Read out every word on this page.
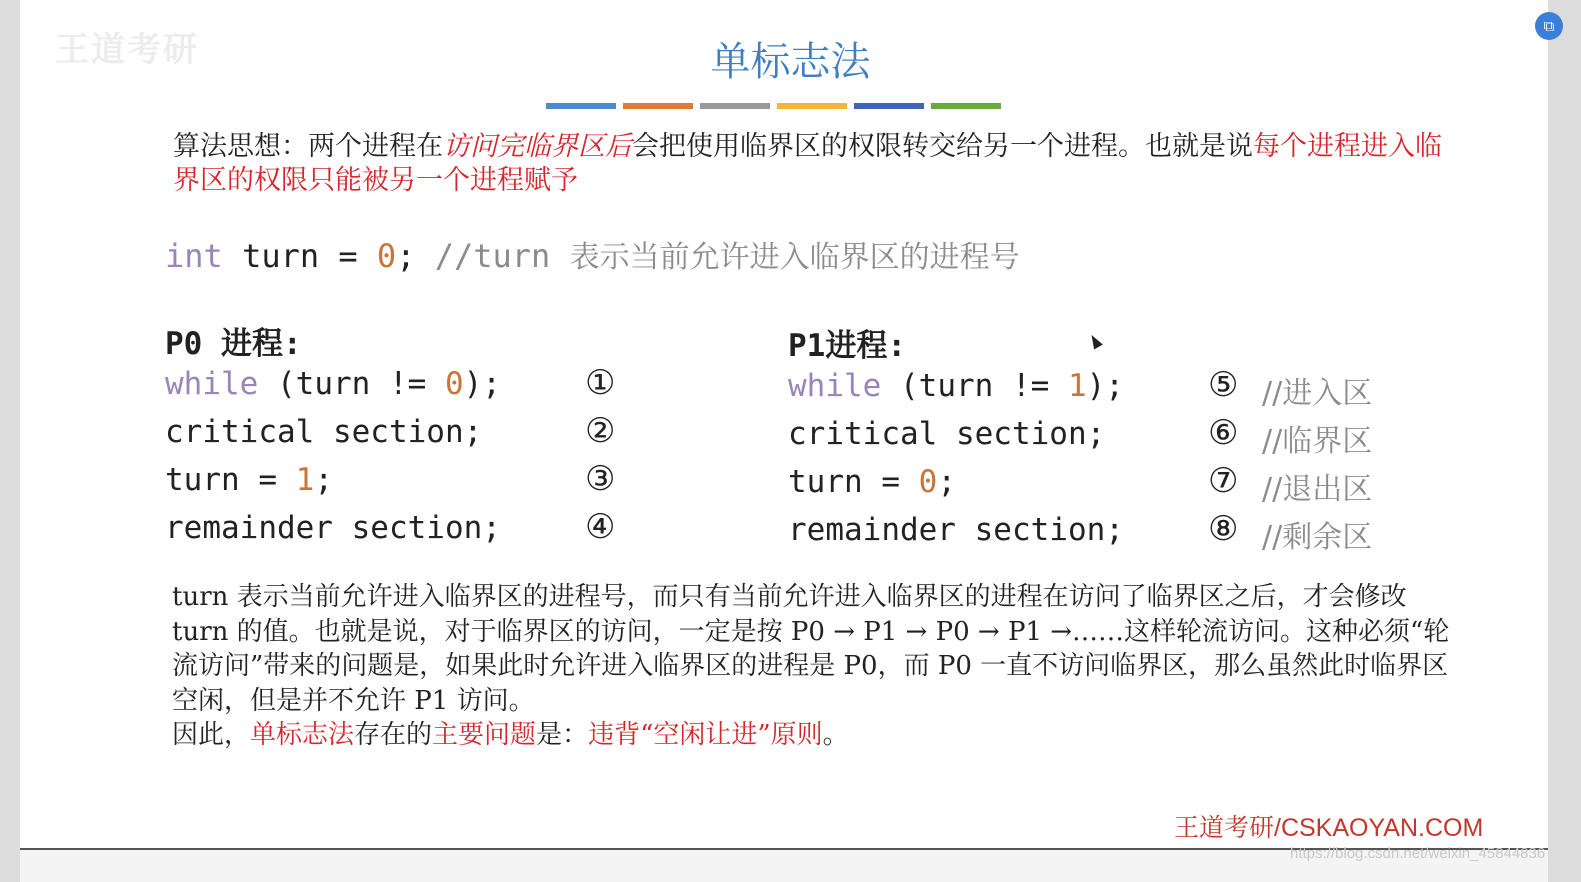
王道考研
⧉
单标志法
算法思想：两个进程在访问完临界区后会把使用临界区的权限转交给另一个进程。也就是说每个进程进入临界区的权限只能被另一个进程赋予
int turn = 0; //turn 表示当前允许进入临界区的进程号
P0 进程:
while (turn != 0);
critical section;
turn = 1;
remainder section;
①
②
③
④
P1进程:
while (turn != 1);
critical section;
turn = 0;
remainder section;
⑤
⑥
⑦
⑧
//进入区
//临界区
//退出区
//剩余区
turn 表示当前允许进入临界区的进程号，而只有当前允许进入临界区的进程在访问了临界区之后，才会修改 turn 的值。也就是说，对于临界区的访问，一定是按 P0 → P1 → P0 → P1 →……这样轮流访问。这种必须“轮流访问”带来的问题是，如果此时允许进入临界区的进程是 P0，而 P0 一直不访问临界区，那么虽然此时临界区空闲，但是并不允许 P1 访问。
因此，单标志法存在的主要问题是：违背“空闲让进”原则。
王道考研/CSKAOYAN.COM
https://blog.csdn.net/weixin_45844836
